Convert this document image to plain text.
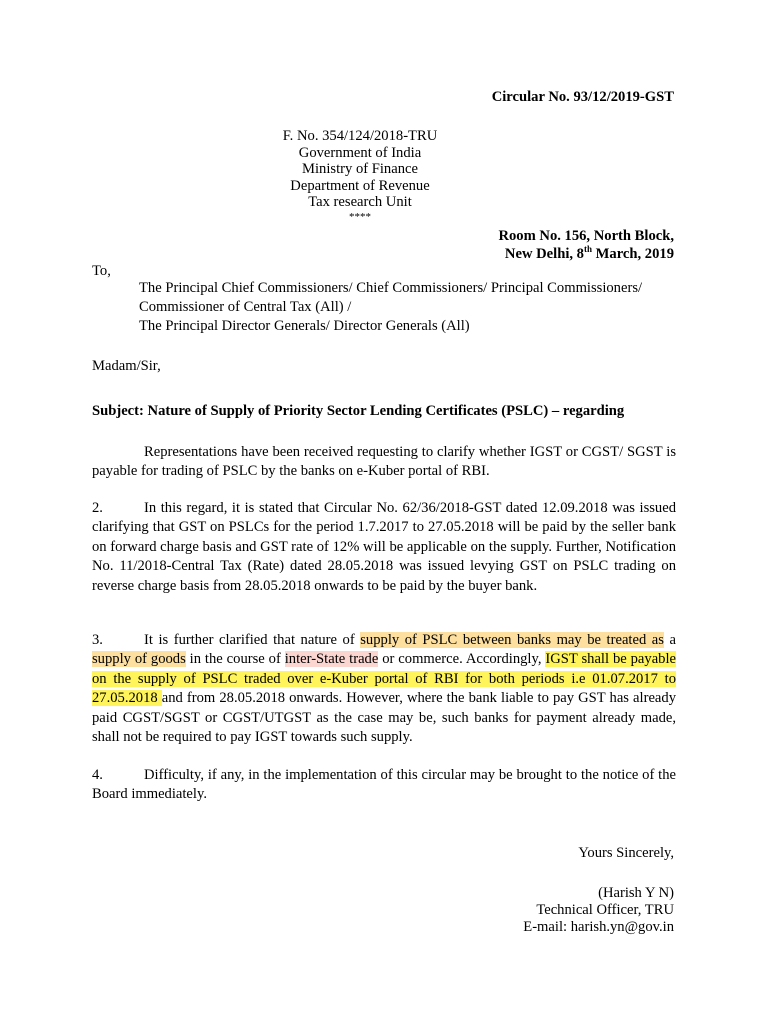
Circular No. 93/12/2019-GST
F. No. 354/124/2018-TRU
Government of India
Ministry of Finance
Department of Revenue
Tax research Unit
****
Room No. 156, North Block,
New Delhi, 8th March, 2019
To,
The Principal Chief Commissioners/ Chief Commissioners/ Principal Commissioners/
Commissioner of Central Tax (All) /
The Principal Director Generals/ Director Generals (All)
Madam/Sir,
Subject: Nature of Supply of Priority Sector Lending Certificates (PSLC) – regarding
Representations have been received requesting to clarify whether IGST or CGST/ SGST is payable for trading of PSLC by the banks on e-Kuber portal of RBI.
2.	In this regard, it is stated that Circular No. 62/36/2018-GST dated 12.09.2018 was issued clarifying that GST on PSLCs for the period 1.7.2017 to 27.05.2018 will be paid by the seller bank on forward charge basis and GST rate of 12% will be applicable on the supply. Further, Notification No. 11/2018-Central Tax (Rate) dated 28.05.2018 was issued levying GST on PSLC trading on reverse charge basis from 28.05.2018 onwards to be paid by the buyer bank.
3.	It is further clarified that nature of supply of PSLC between banks may be treated as a supply of goods in the course of inter-State trade or commerce. Accordingly, IGST shall be payable on the supply of PSLC traded over e-Kuber portal of RBI for both periods i.e 01.07.2017 to 27.05.2018 and from 28.05.2018 onwards. However, where the bank liable to pay GST has already paid CGST/SGST or CGST/UTGST as the case may be, such banks for payment already made, shall not be required to pay IGST towards such supply.
4.	Difficulty, if any, in the implementation of this circular may be brought to the notice of the Board immediately.
Yours Sincerely,
(Harish Y N)
Technical Officer, TRU
E-mail: harish.yn@gov.in
